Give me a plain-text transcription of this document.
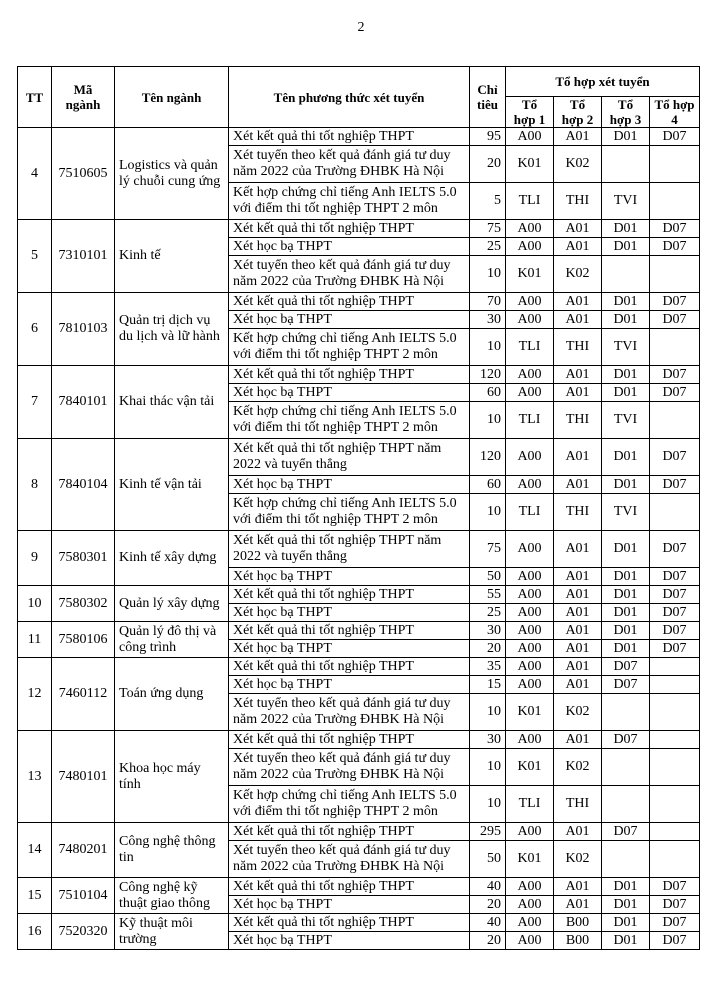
2
TT	Mã ngành	Tên ngành	Tên phương thức xét tuyển	Chỉ tiêu	Tổ hợp xét tuyển			
					Tổ hợp 1	Tổ hợp 2	Tổ hợp 3	Tổ hợp 4
4	7510605	Logistics và quản lý chuỗi cung ứng	Xét kết quả thi tốt nghiệp THPT	95	A00	A01	D01	D07
			Xét tuyển theo kết quả đánh giá tư duy năm 2022 của Trường ĐHBK Hà Nội	20	K01	K02		
			Kết hợp chứng chỉ tiếng Anh IELTS 5.0 với điểm thi tốt nghiệp THPT 2 môn	5	TLI	THI	TVI	
5	7310101	Kinh tế	Xét kết quả thi tốt nghiệp THPT	75	A00	A01	D01	D07
			Xét học bạ THPT	25	A00	A01	D01	D07
			Xét tuyển theo kết quả đánh giá tư duy năm 2022 của Trường ĐHBK Hà Nội	10	K01	K02		
6	7810103	Quản trị dịch vụ du lịch và lữ hành	Xét kết quả thi tốt nghiệp THPT	70	A00	A01	D01	D07
			Xét học bạ THPT	30	A00	A01	D01	D07
			Kết hợp chứng chỉ tiếng Anh IELTS 5.0 với điểm thi tốt nghiệp THPT 2 môn	10	TLI	THI	TVI	
7	7840101	Khai thác vận tải	Xét kết quả thi tốt nghiệp THPT	120	A00	A01	D01	D07
			Xét học bạ THPT	60	A00	A01	D01	D07
			Kết hợp chứng chỉ tiếng Anh IELTS 5.0 với điểm thi tốt nghiệp THPT 2 môn	10	TLI	THI	TVI	
8	7840104	Kinh tế vận tải	Xét kết quả thi tốt nghiệp THPT năm 2022 và tuyển thẳng	120	A00	A01	D01	D07
			Xét học bạ THPT	60	A00	A01	D01	D07
			Kết hợp chứng chỉ tiếng Anh IELTS 5.0 với điểm thi tốt nghiệp THPT 2 môn	10	TLI	THI	TVI	
9	7580301	Kinh tế xây dựng	Xét kết quả thi tốt nghiệp THPT năm 2022 và tuyển thẳng	75	A00	A01	D01	D07
			Xét học bạ THPT	50	A00	A01	D01	D07
10	7580302	Quản lý xây dựng	Xét kết quả thi tốt nghiệp THPT	55	A00	A01	D01	D07
			Xét học bạ THPT	25	A00	A01	D01	D07
11	7580106	Quản lý đô thị và công trình	Xét kết quả thi tốt nghiệp THPT	30	A00	A01	D01	D07
			Xét học bạ THPT	20	A00	A01	D01	D07
12	7460112	Toán ứng dụng	Xét kết quả thi tốt nghiệp THPT	35	A00	A01	D07	
			Xét học bạ THPT	15	A00	A01	D07	
			Xét tuyển theo kết quả đánh giá tư duy năm 2022 của Trường ĐHBK Hà Nội	10	K01	K02		
13	7480101	Khoa học máy tính	Xét kết quả thi tốt nghiệp THPT	30	A00	A01	D07	
			Xét tuyển theo kết quả đánh giá tư duy năm 2022 của Trường ĐHBK Hà Nội	10	K01	K02		
			Kết hợp chứng chỉ tiếng Anh IELTS 5.0 với điểm thi tốt nghiệp THPT 2 môn	10	TLI	THI		
14	7480201	Công nghệ thông tin	Xét kết quả thi tốt nghiệp THPT	295	A00	A01	D07	
			Xét tuyển theo kết quả đánh giá tư duy năm 2022 của Trường ĐHBK Hà Nội	50	K01	K02		
15	7510104	Công nghệ kỹ thuật giao thông	Xét kết quả thi tốt nghiệp THPT	40	A00	A01	D01	D07
			Xét học bạ THPT	20	A00	A01	D01	D07
16	7520320	Kỹ thuật môi trường	Xét kết quả thi tốt nghiệp THPT	40	A00	B00	D01	D07
			Xét học bạ THPT	20	A00	B00	D01	D07
